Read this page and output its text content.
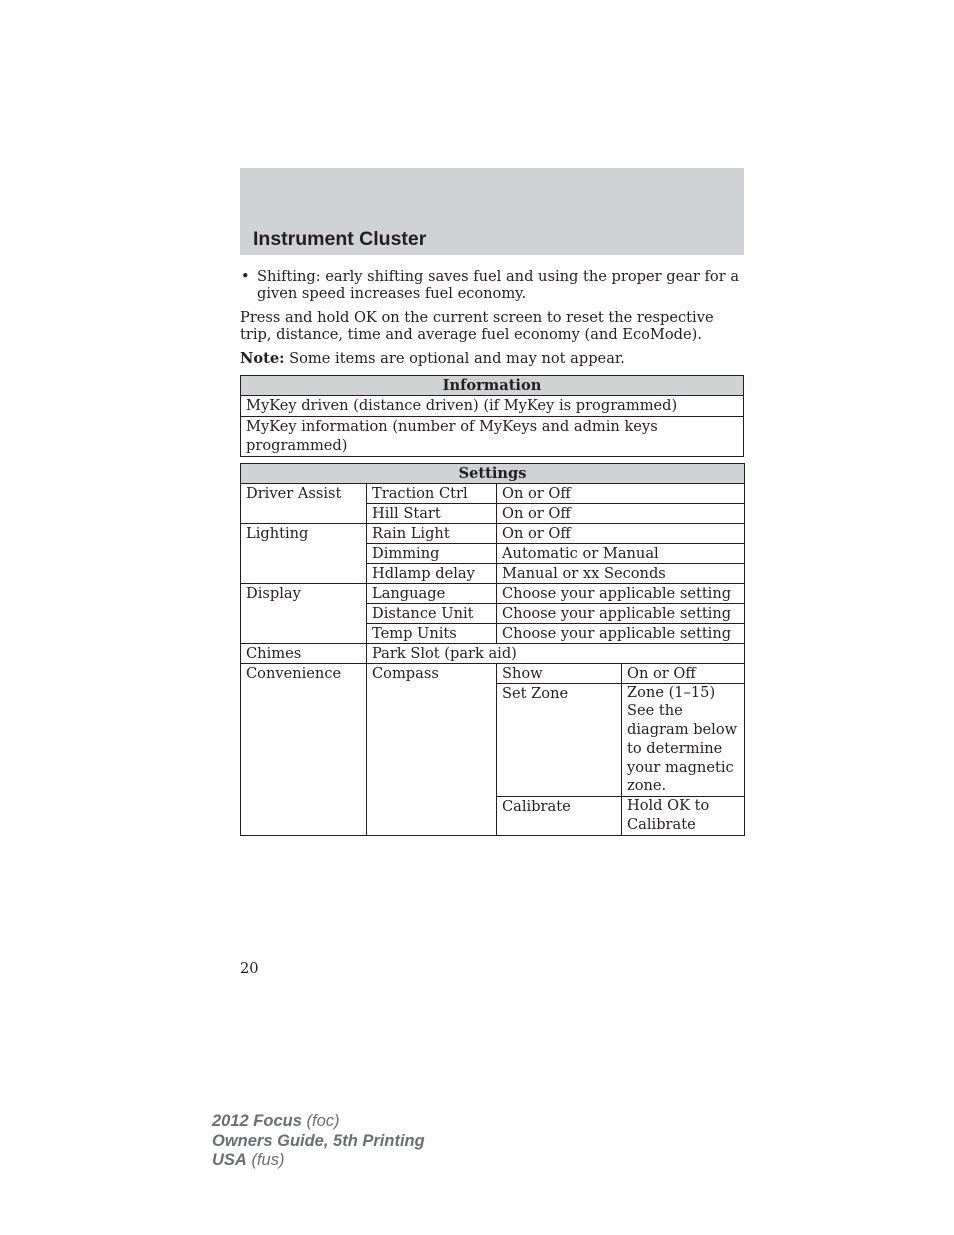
Instrument Cluster

• Shifting: early shifting saves fuel and using the proper gear for a given speed increases fuel economy.

Press and hold OK on the current screen to reset the respective trip, distance, time and average fuel economy (and EcoMode).

Note: Some items are optional and may not appear.

Information
MyKey driven (distance driven) (if MyKey is programmed)
MyKey information (number of MyKeys and admin keys programmed)
Settings			
Driver Assist	Traction Ctrl	On or Off	
	Hill Start	On or Off	
Lighting	Rain Light	On or Off	
	Dimming	Automatic or Manual	
	Hdlamp delay	Manual or xx Seconds	
Display	Language	Choose your applicable setting	
	Distance Unit	Choose your applicable setting	
	Temp Units	Choose your applicable setting	
Chimes	Park Slot (park aid)		
Convenience	Compass	Show	On or Off
		Set Zone	Zone (1–15) See the diagram below to determine your magnetic zone.
		Calibrate	Hold OK to Calibrate
20
2012 Focus (foc)
Owners Guide, 5th Printing
USA (fus)
